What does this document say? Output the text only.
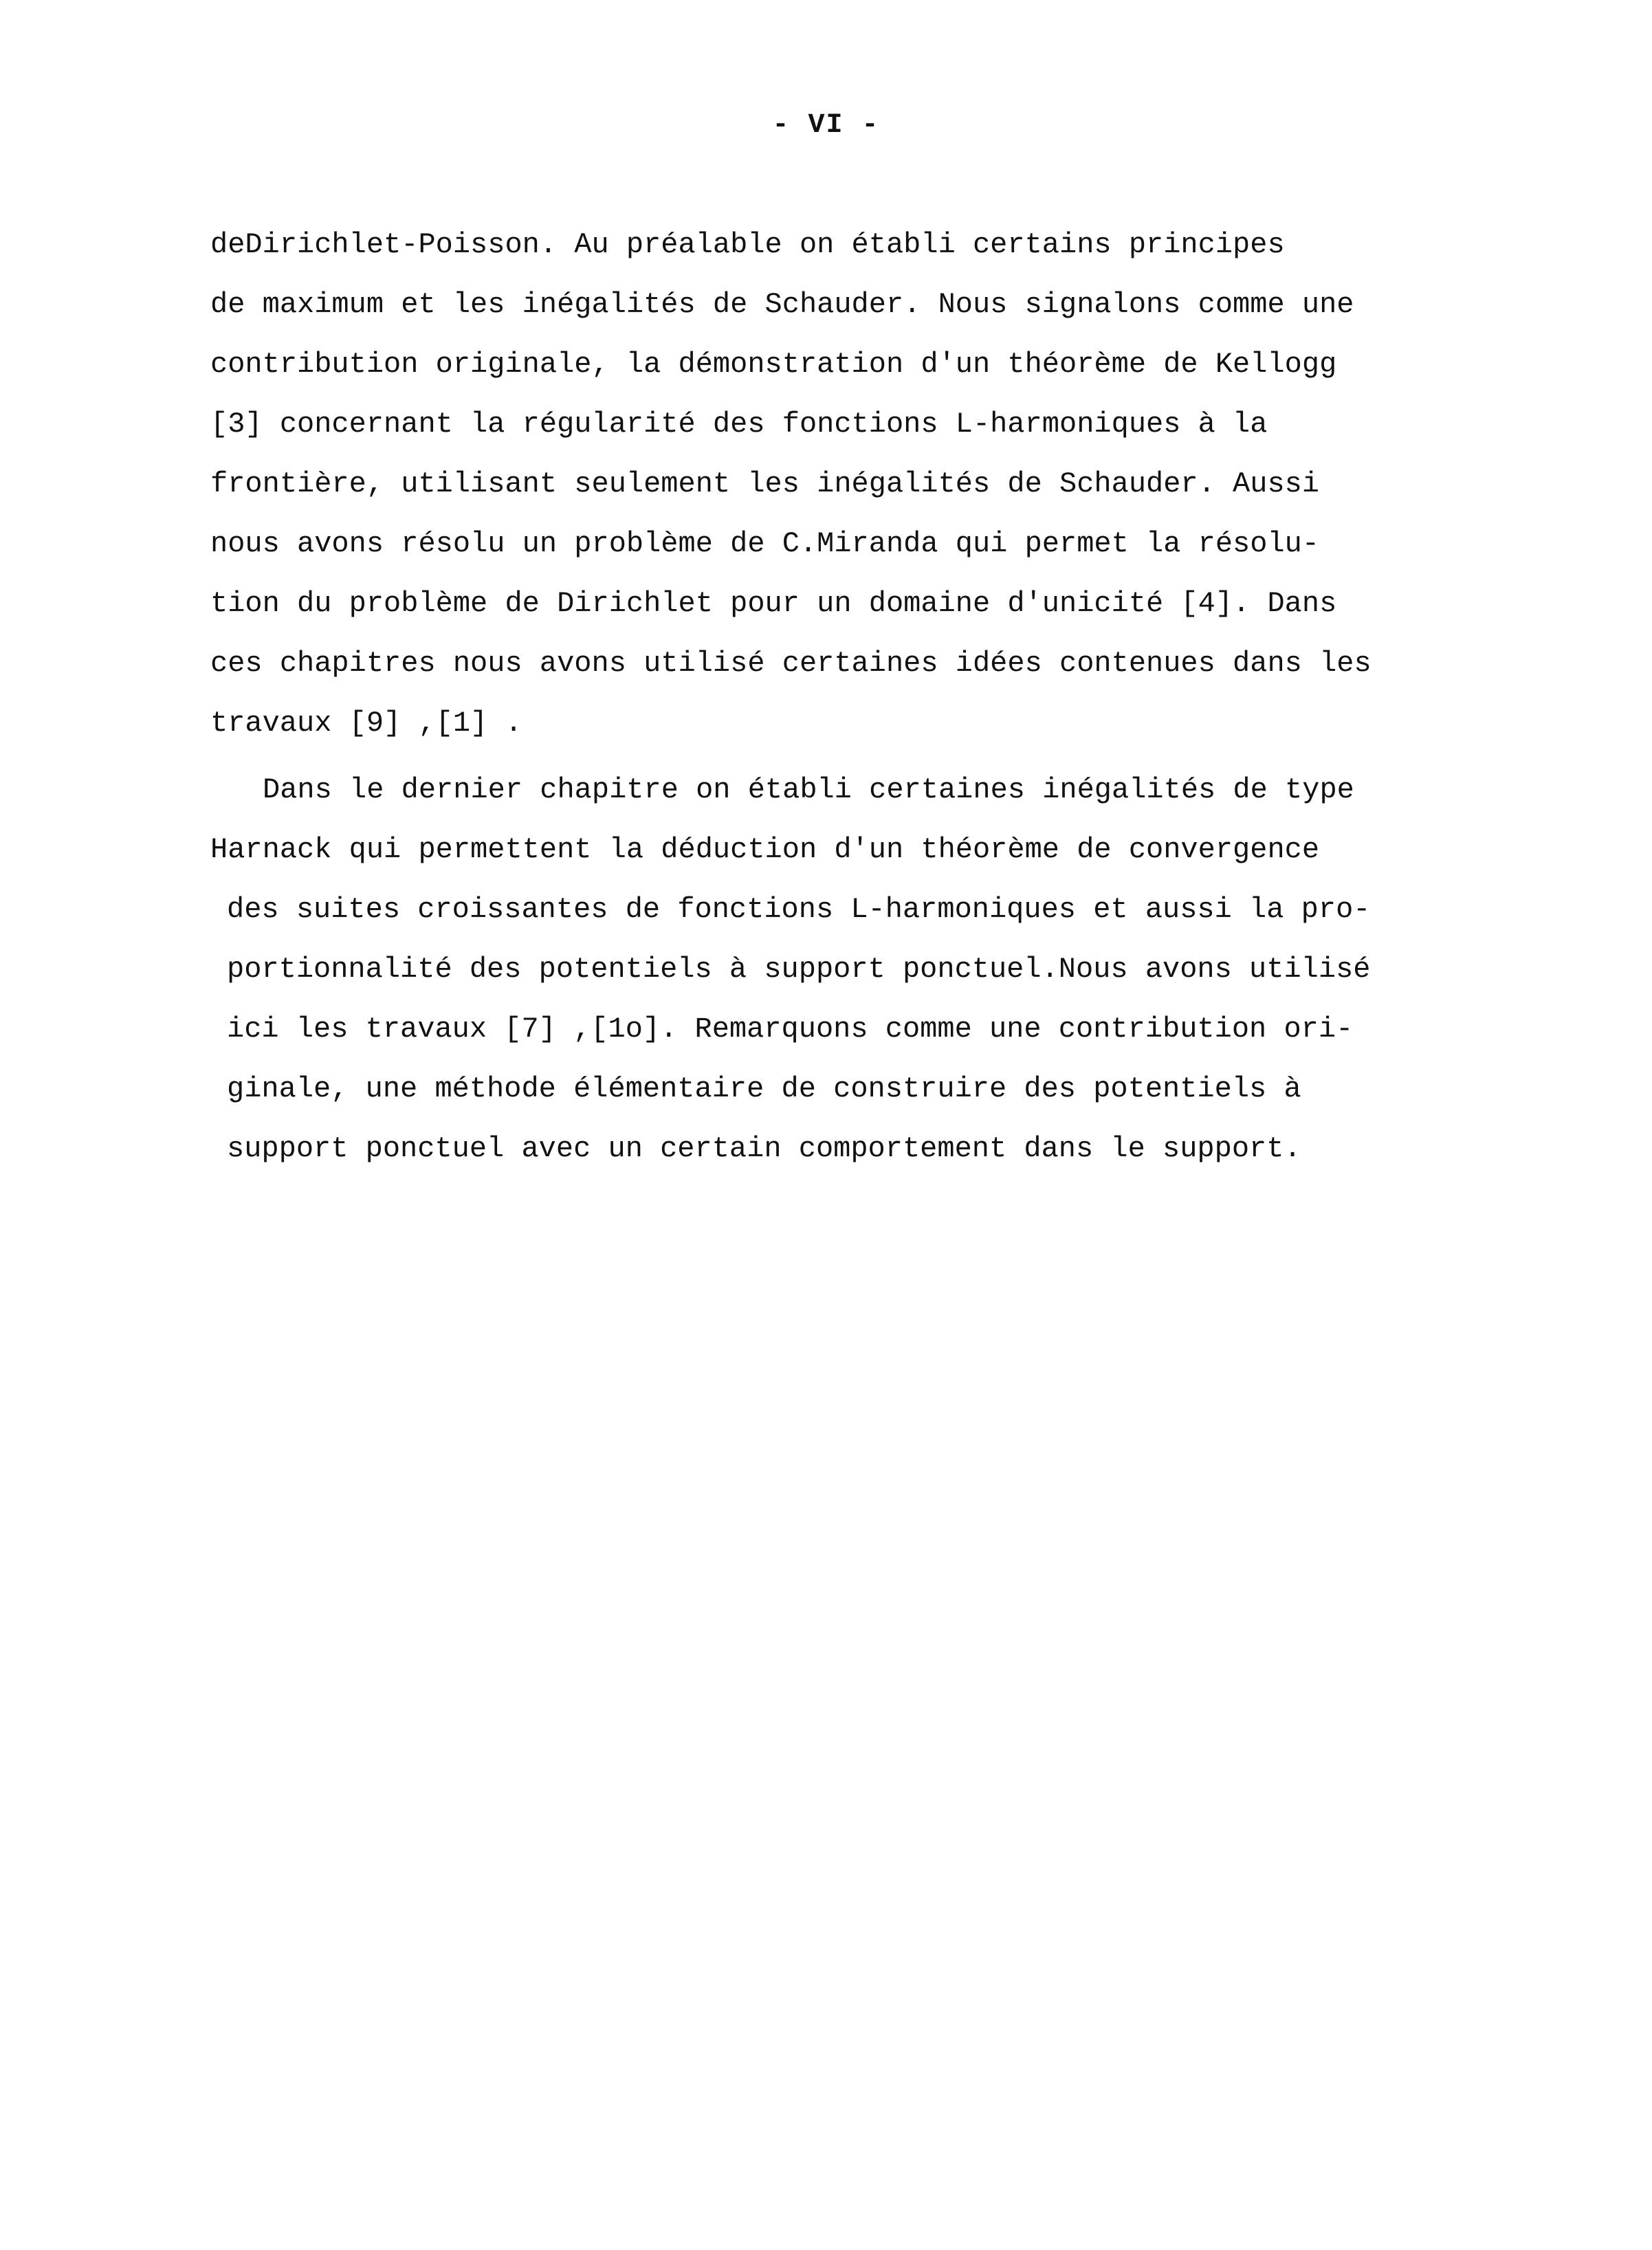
- VI -
deDirichlet-Poisson. Au préalable on établi certains principes
de maximum et les inégalités de Schauder. Nous signalons comme une
contribution originale, la démonstration d'un théorème de Kellogg
[3] concernant la régularité des fonctions L-harmoniques à la
frontière, utilisant seulement les inégalités de Schauder. Aussi
nous avons résolu un problème de C.Miranda qui permet la résolu-
tion du problème de Dirichlet pour un domaine d'unicité [4]. Dans
ces chapitres nous avons utilisé certaines idées contenues dans les
travaux [9] ,[1] .
Dans le dernier chapitre on établi certaines inégalités de type
Harnack qui permettent la déduction d'un théorème de convergence
des suites croissantes de fonctions L-harmoniques et aussi la pro-
portionnalité des potentiels à support ponctuel.Nous avons utilisé
ici les travaux [7] ,[1o]. Remarquons comme une contribution ori-
ginale, une méthode élémentaire de construire des potentiels à
support ponctuel avec un certain comportement dans le support.
